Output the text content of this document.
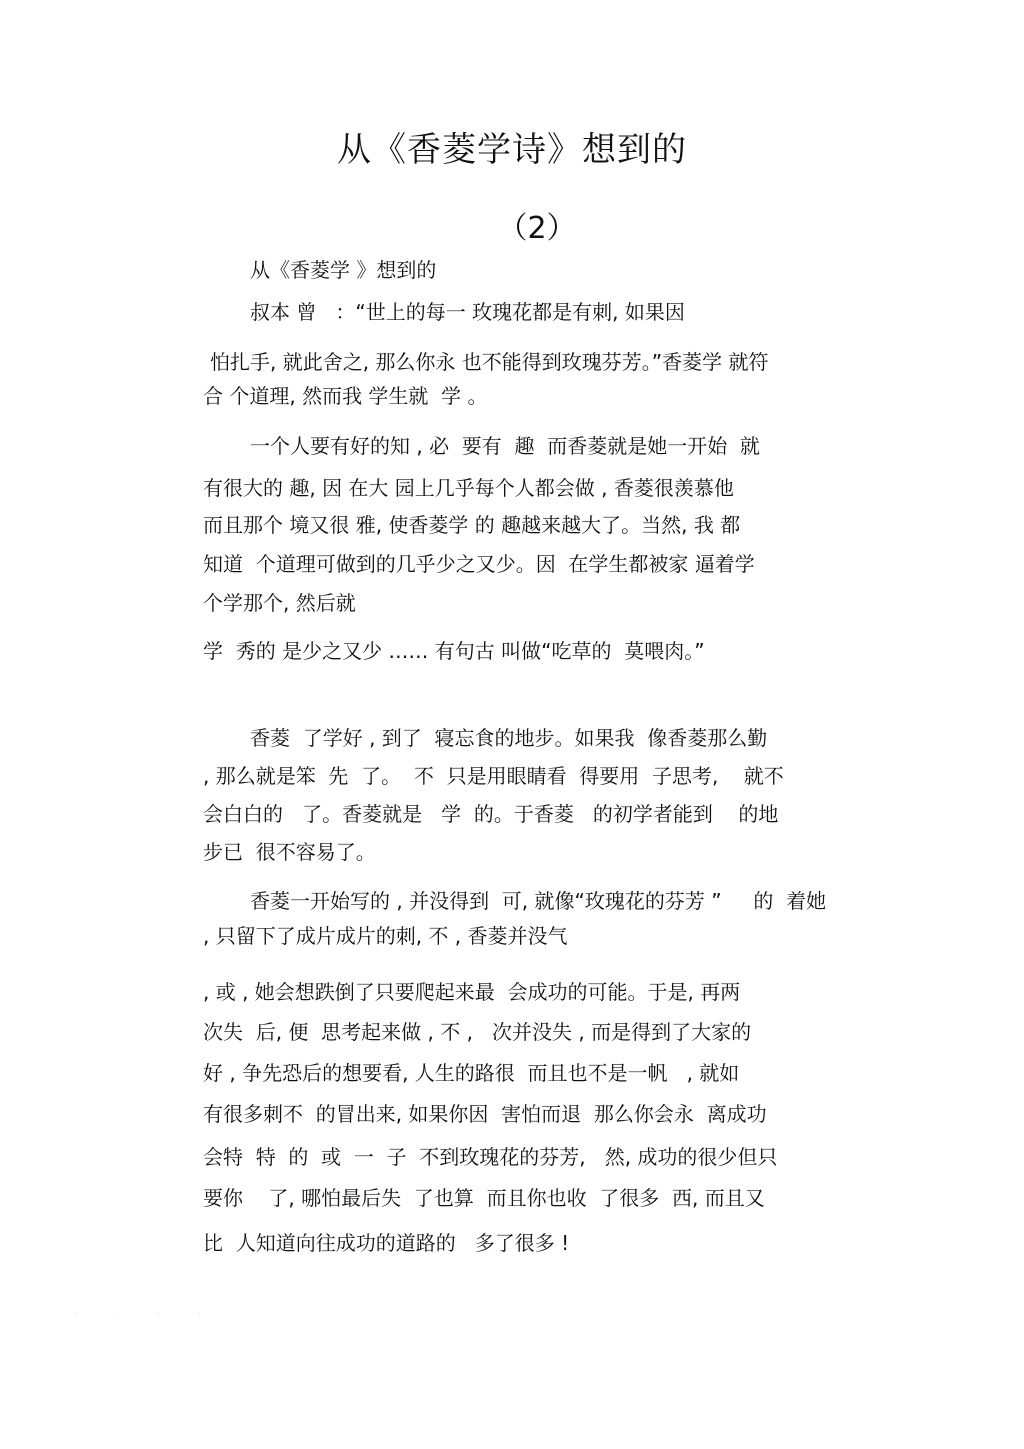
从《香菱学诗》想到的
（2）
从《香菱学 》想到的
叔本 曾   ：“世上的每一 玫瑰花都是有刺, 如果因
怕扎手, 就此舍之, 那么你永 也不能得到玫瑰芬芳。”香菱学 就符
合 个道理, 然而我 学生就  学 。
一个人要有好的知 , 必  要有  趣  而香菱就是她一开始  就
有很大的 趣, 因 在大 园上几乎每个人都会做 , 香菱很羡慕他
而且那个 境又很 雅, 使香菱学 的 趣越来越大了。当然, 我 都
知道  个道理可做到的几乎少之又少。因  在学生都被家 逼着学
个学那个, 然后就
学  秀的 是少之又少 …… 有句古 叫做“吃草的  莫喂肉。”
香菱  了学好 , 到了  寝忘食的地步。如果我  像香菱那么勤
, 那么就是笨  先  了。  不  只是用眼睛看  得要用  子思考,    就不
会白白的   了。香菱就是   学  的。于香菱   的初学者能到    的地
步已  很不容易了。
香菱一开始写的 , 并没得到  可, 就像“玫瑰花的芬芳 ”     的  着她
, 只留下了成片成片的刺, 不 , 香菱并没气
, 或 , 她会想跌倒了只要爬起来最  会成功的可能。于是, 再两
次失  后, 便  思考起来做 , 不 ,   次并没失 , 而是得到了大家的
好 , 争先恐后的想要看, 人生的路很  而且也不是一帆   , 就如
有很多刺不  的冒出来, 如果你因  害怕而退  那么你会永  离成功
会特  特  的  或  一  子  不到玫瑰花的芬芳,   然, 成功的很少但只
要你    了, 哪怕最后失  了也算  而且你也收  了很多  西, 而且又
比  人知道向往成功的道路的   多了很多 !
· · · ·
